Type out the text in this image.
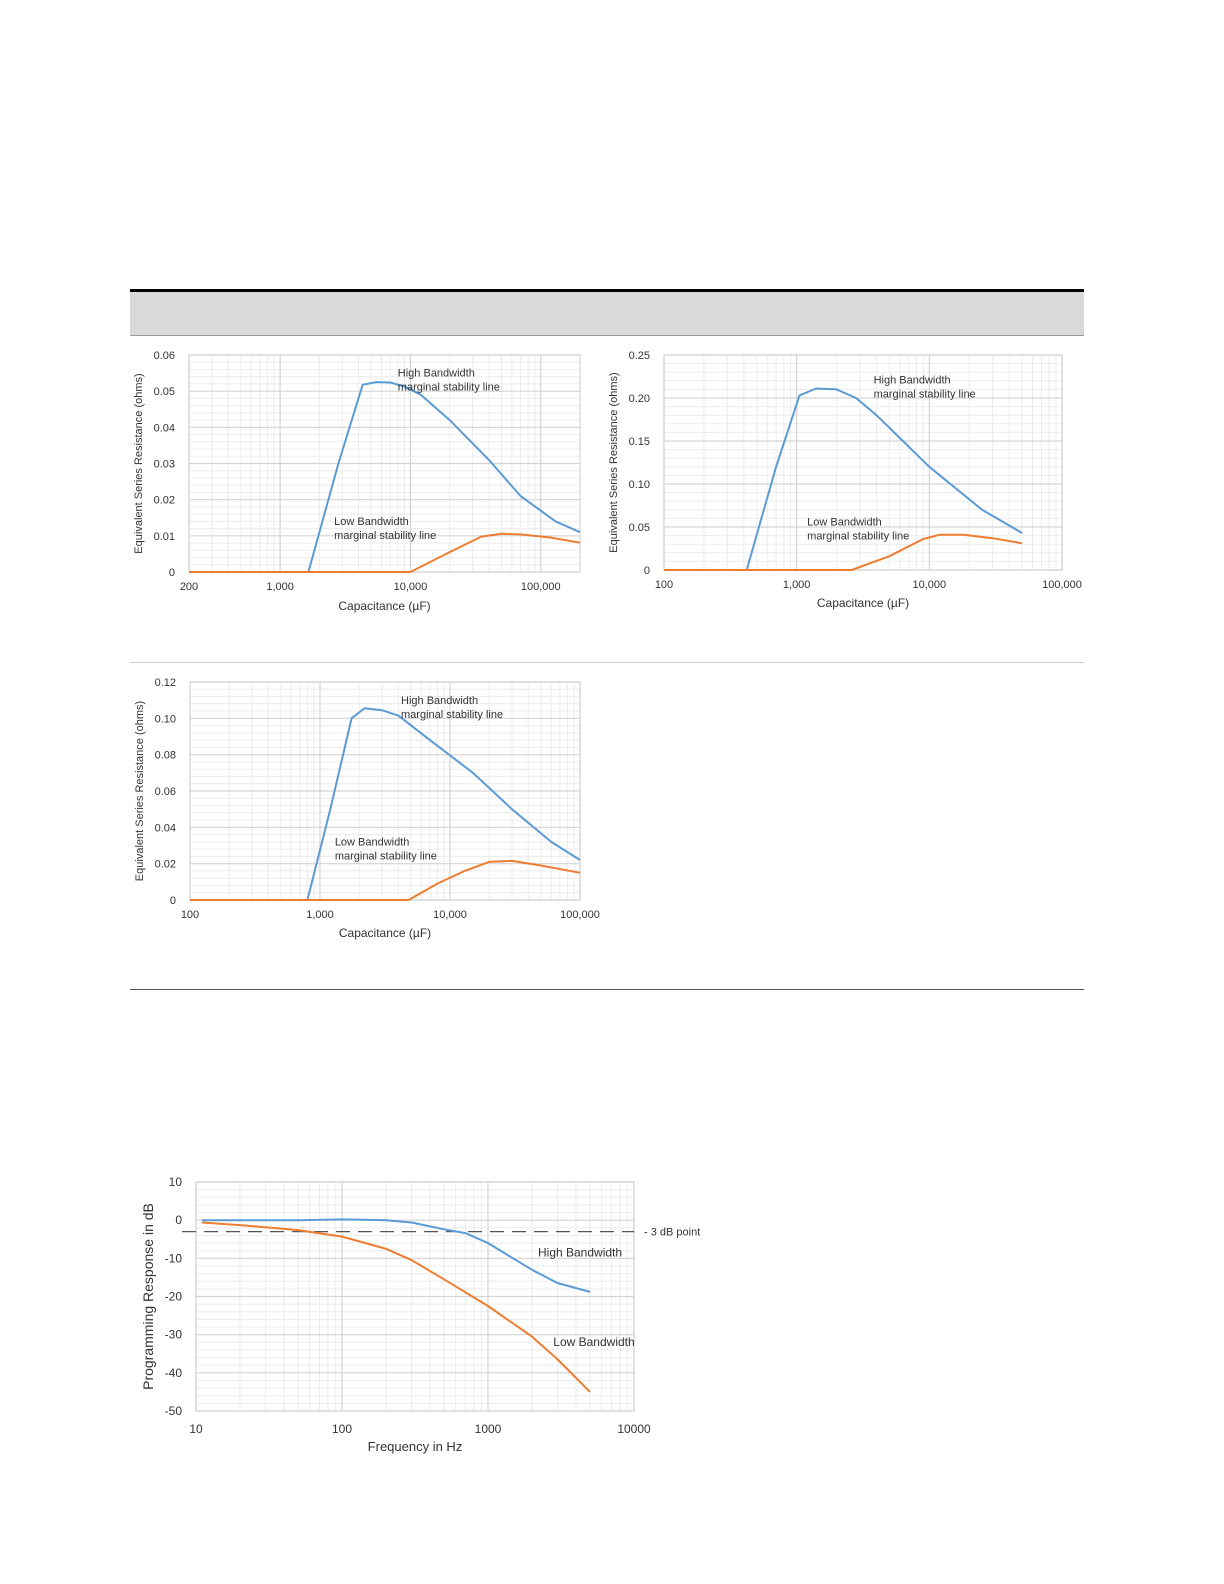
200	1,000	10,000	100,000
0
0.01
0.02
0.03
0.04
0.05
0.06
Capacitance (µF)
Equivalent Series Resistance (ohms)	High Bandwidth marginal stability line
Low Bandwidth marginal stability line
100	1,000	10,000	100,000
0
0.05
0.10
0.15
0.20
0.25
Capacitance (µF)
Equivalent Series Resistance (ohms)	High Bandwidth marginal stability line
Low Bandwidth marginal stability line
100	1,000	10,000	100,000
0
0.02
0.04
0.06
0.08
0.10
0.12
Capacitance (µF)
Equivalent Series Resistance (ohms)
High Bandwidth marginal stability line
Low Bandwidth marginal stability line
10	100	1000	10000
-50
-40
-30
-20
-10
0
10
Frequency in Hz
Programming Response in dB	- 3 dB point
High Bandwidth
Low Bandwidth
